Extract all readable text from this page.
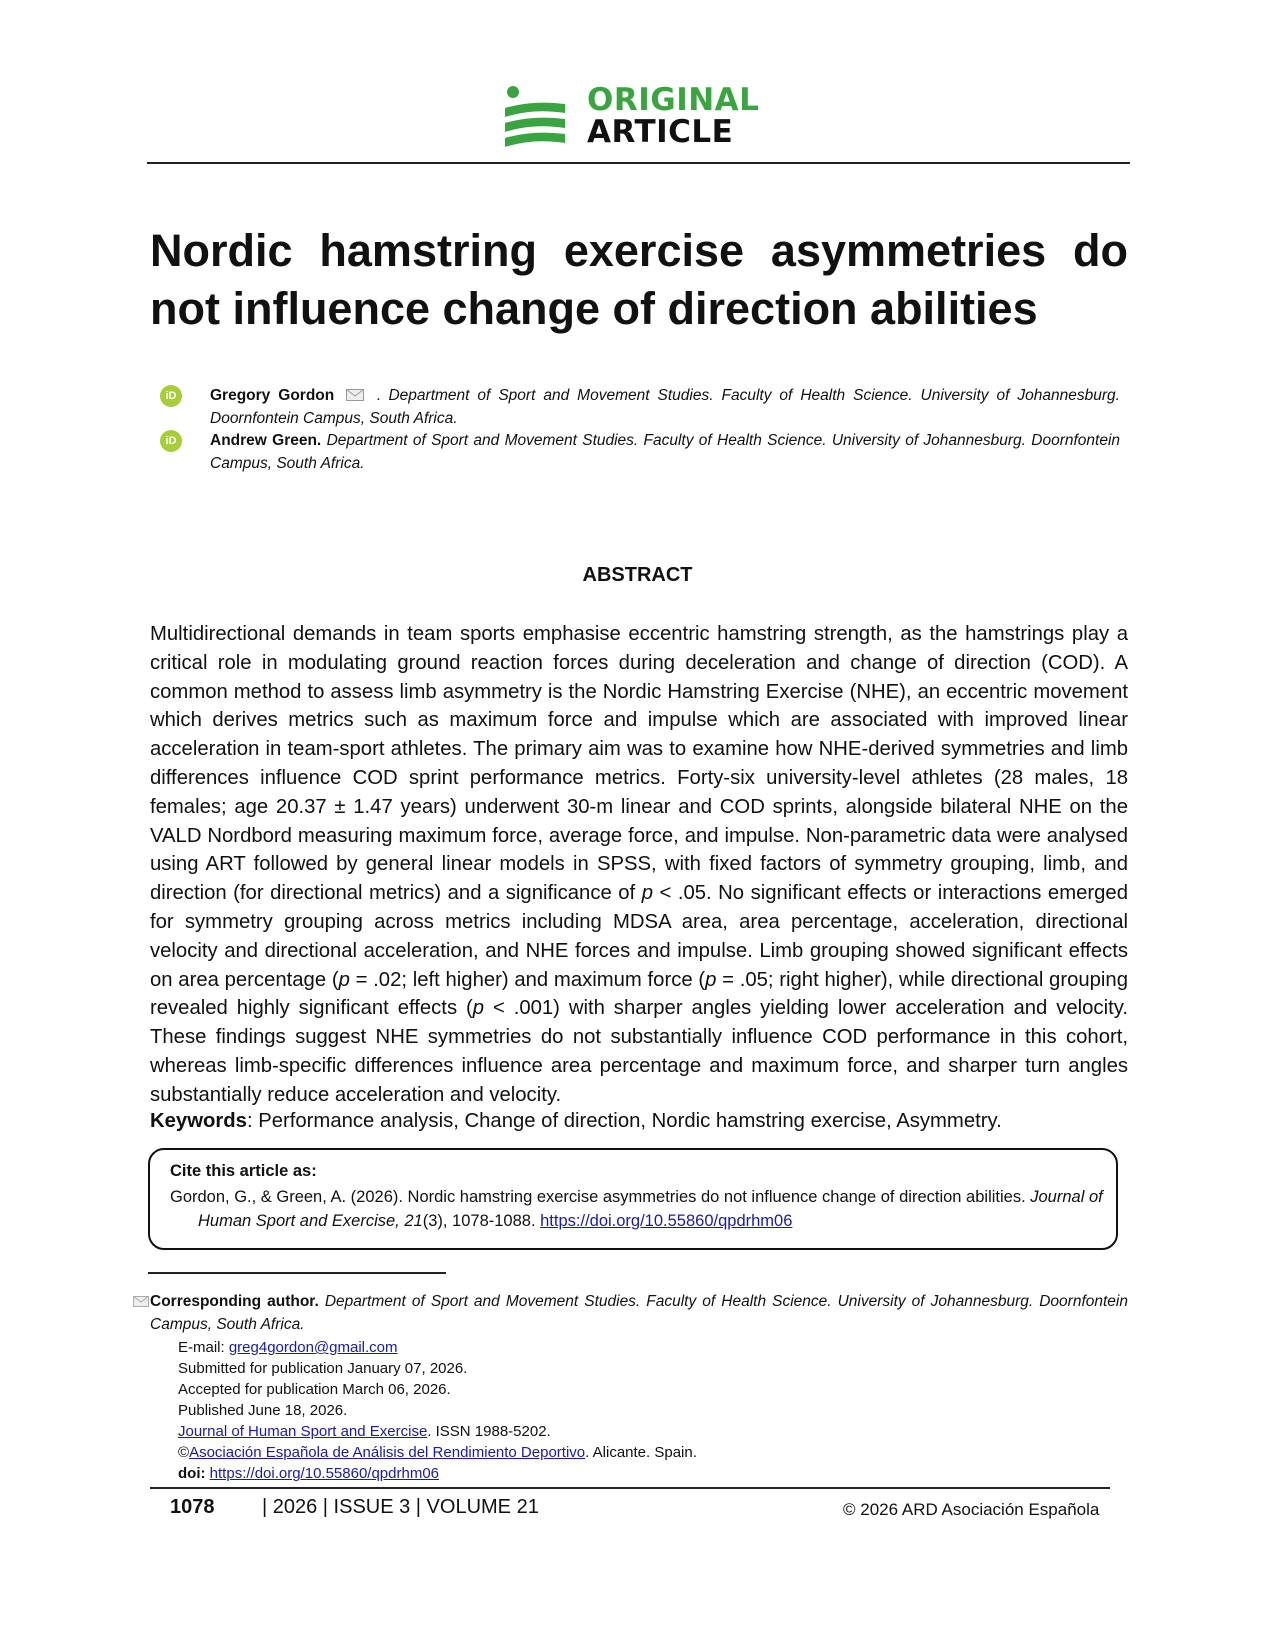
ORIGINAL
ARTICLE
Nordic hamstring exercise asymmetries do not influence change of direction abilities
iD	Gregory Gordon  . Department of Sport and Movement Studies. Faculty of Health Science. University of Johannesburg. Doornfontein Campus, South Africa.
iD	Andrew Green. Department of Sport and Movement Studies. Faculty of Health Science. University of Johannesburg. Doornfontein Campus, South Africa.
ABSTRACT
Multidirectional demands in team sports emphasise eccentric hamstring strength, as the hamstrings play a critical role in modulating ground reaction forces during deceleration and change of direction (COD). A common method to assess limb asymmetry is the Nordic Hamstring Exercise (NHE), an eccentric movement which derives metrics such as maximum force and impulse which are associated with improved linear acceleration in team-sport athletes. The primary aim was to examine how NHE-derived symmetries and limb differences influence COD sprint performance metrics. Forty-six university-level athletes (28 males, 18 females; age 20.37 ± 1.47 years) underwent 30-m linear and COD sprints, alongside bilateral NHE on the VALD Nordbord measuring maximum force, average force, and impulse. Non-parametric data were analysed using ART followed by general linear models in SPSS, with fixed factors of symmetry grouping, limb, and direction (for directional metrics) and a significance of p < .05. No significant effects or interactions emerged for symmetry grouping across metrics including MDSA area, area percentage, acceleration, directional velocity and directional acceleration, and NHE forces and impulse. Limb grouping showed significant effects on area percentage (p = .02; left higher) and maximum force (p = .05; right higher), while directional grouping revealed highly significant effects (p < .001) with sharper angles yielding lower acceleration and velocity. These findings suggest NHE symmetries do not substantially influence COD performance in this cohort, whereas limb-specific differences influence area percentage and maximum force, and sharper turn angles substantially reduce acceleration and velocity.
Keywords: Performance analysis, Change of direction, Nordic hamstring exercise, Asymmetry.
Cite this article as:
Gordon, G., & Green, A. (2026). Nordic hamstring exercise asymmetries do not influence change of direction abilities. Journal of
Human Sport and Exercise, 21(3), 1078-1088. https://doi.org/10.55860/qpdrhm06
Corresponding author. Department of Sport and Movement Studies. Faculty of Health Science. University of Johannesburg. Doornfontein Campus, South Africa.
E-mail: greg4gordon@gmail.com
Submitted for publication January 07, 2026.
Accepted for publication March 06, 2026.
Published June 18, 2026.
Journal of Human Sport and Exercise. ISSN 1988-5202.
©Asociación Española de Análisis del Rendimiento Deportivo. Alicante. Spain.
doi: https://doi.org/10.55860/qpdrhm06
1078 | 2026 | ISSUE 3 | VOLUME 21	© 2026 ARD Asociación Española
